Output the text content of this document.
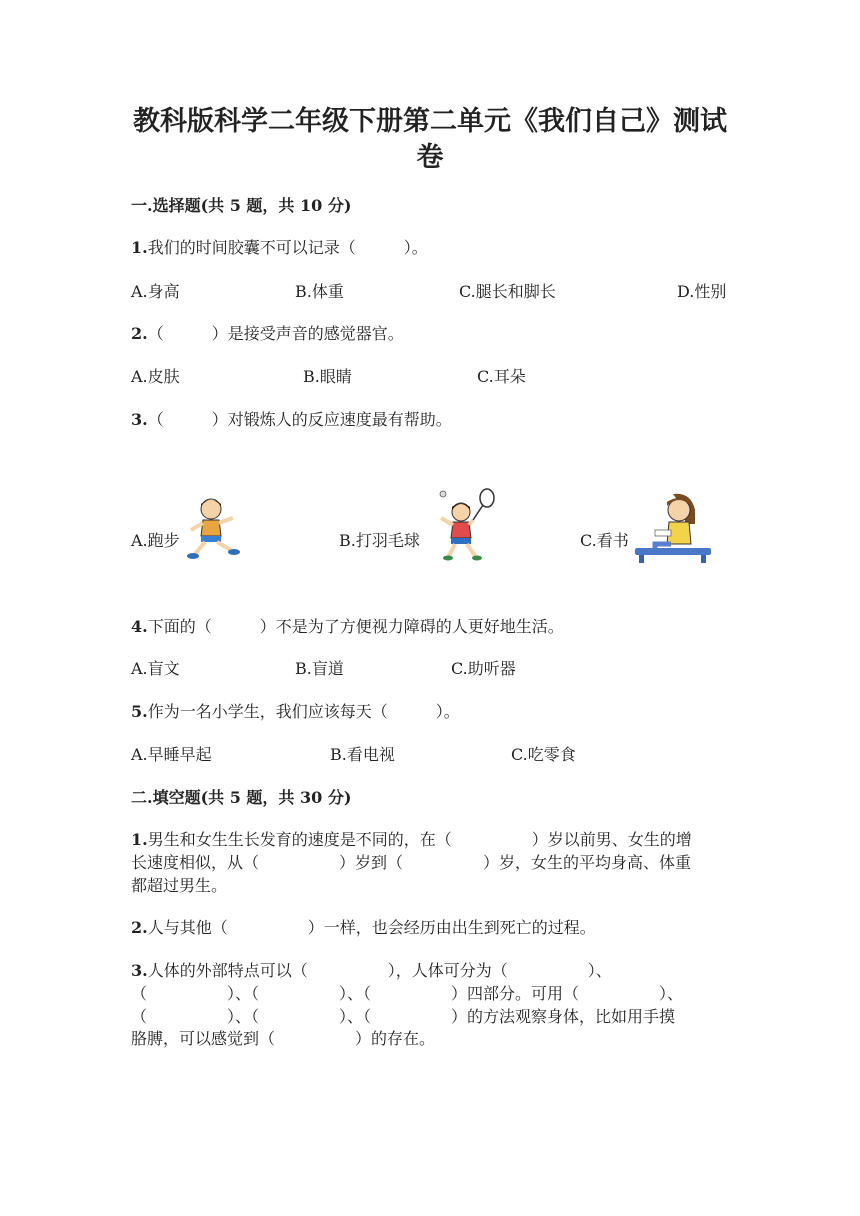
教科版科学二年级下册第二单元《我们自己》测试
卷
一.选择题(共 5 题，共 10 分)
1.我们的时间胶囊不可以记录（　　　）。
A.身高	B.体重	C.腿长和脚长	D.性别
2.（　　　）是接受声音的感觉器官。
A.皮肤	B.眼睛	C.耳朵
3.（　　　）对锻炼人的反应速度最有帮助。
A.跑步	B.打羽毛球	C.看书
4.下面的（　　　）不是为了方便视力障碍的人更好地生活。
A.盲文	B.盲道	C.助听器
5.作为一名小学生，我们应该每天（　　　）。
A.早睡早起	B.看电视	C.吃零食
二.填空题(共 5 题，共 30 分)
1.男生和女生生长发育的速度是不同的，在（　　　　　）岁以前男、女生的增
长速度相似，从（　　　　　）岁到（　　　　　）岁，女生的平均身高、体重
都超过男生。
2.人与其他（　　　　　）一样，也会经历由出生到死亡的过程。
3.人体的外部特点可以（　　　　　），人体可分为（　　　　　）、
（　　　　　）、（　　　　　）、（　　　　　）四部分。可用（　　　　　）、
（　　　　　）、（　　　　　）、（　　　　　）的方法观察身体，比如用手摸
胳膊，可以感觉到（　　　　　）的存在。
